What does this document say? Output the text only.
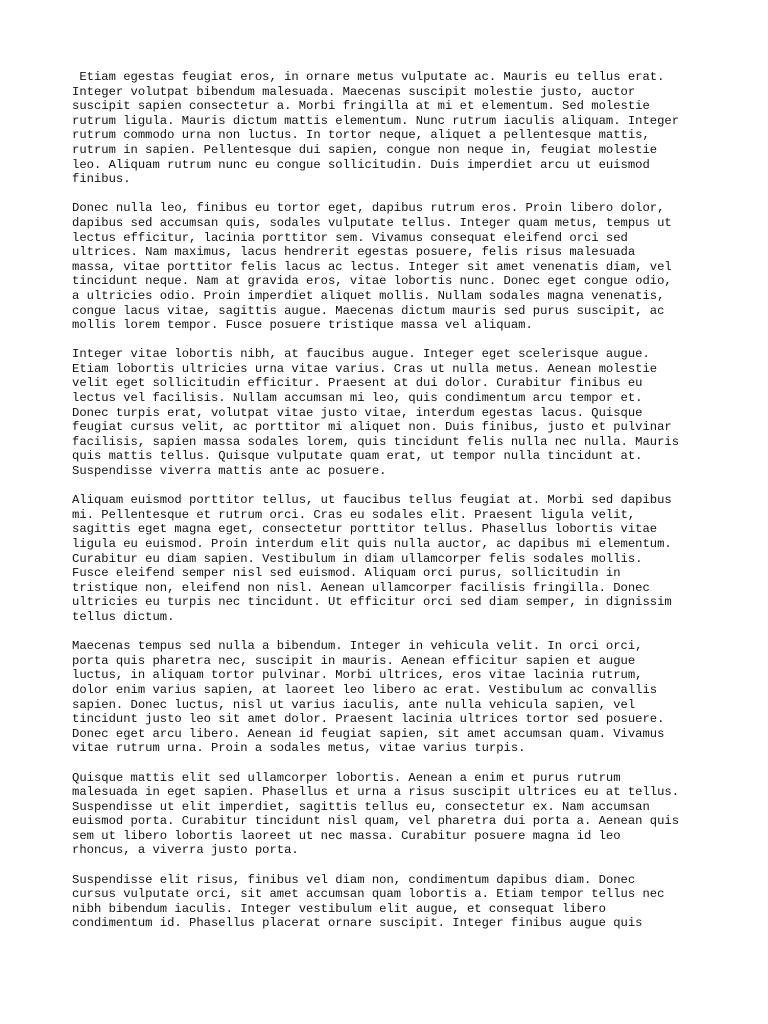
Etiam egestas feugiat eros, in ornare metus vulputate ac. Mauris eu tellus erat.
Integer volutpat bibendum malesuada. Maecenas suscipit molestie justo, auctor
suscipit sapien consectetur a. Morbi fringilla at mi et elementum. Sed molestie
rutrum ligula. Mauris dictum mattis elementum. Nunc rutrum iaculis aliquam. Integer
rutrum commodo urna non luctus. In tortor neque, aliquet a pellentesque mattis,
rutrum in sapien. Pellentesque dui sapien, congue non neque in, feugiat molestie
leo. Aliquam rutrum nunc eu congue sollicitudin. Duis imperdiet arcu ut euismod
finibus.

Donec nulla leo, finibus eu tortor eget, dapibus rutrum eros. Proin libero dolor,
dapibus sed accumsan quis, sodales vulputate tellus. Integer quam metus, tempus ut
lectus efficitur, lacinia porttitor sem. Vivamus consequat eleifend orci sed
ultrices. Nam maximus, lacus hendrerit egestas posuere, felis risus malesuada
massa, vitae porttitor felis lacus ac lectus. Integer sit amet venenatis diam, vel
tincidunt neque. Nam at gravida eros, vitae lobortis nunc. Donec eget congue odio,
a ultricies odio. Proin imperdiet aliquet mollis. Nullam sodales magna venenatis,
congue lacus vitae, sagittis augue. Maecenas dictum mauris sed purus suscipit, ac
mollis lorem tempor. Fusce posuere tristique massa vel aliquam.

Integer vitae lobortis nibh, at faucibus augue. Integer eget scelerisque augue.
Etiam lobortis ultricies urna vitae varius. Cras ut nulla metus. Aenean molestie
velit eget sollicitudin efficitur. Praesent at dui dolor. Curabitur finibus eu
lectus vel facilisis. Nullam accumsan mi leo, quis condimentum arcu tempor et.
Donec turpis erat, volutpat vitae justo vitae, interdum egestas lacus. Quisque
feugiat cursus velit, ac porttitor mi aliquet non. Duis finibus, justo et pulvinar
facilisis, sapien massa sodales lorem, quis tincidunt felis nulla nec nulla. Mauris
quis mattis tellus. Quisque vulputate quam erat, ut tempor nulla tincidunt at.
Suspendisse viverra mattis ante ac posuere.

Aliquam euismod porttitor tellus, ut faucibus tellus feugiat at. Morbi sed dapibus
mi. Pellentesque et rutrum orci. Cras eu sodales elit. Praesent ligula velit,
sagittis eget magna eget, consectetur porttitor tellus. Phasellus lobortis vitae
ligula eu euismod. Proin interdum elit quis nulla auctor, ac dapibus mi elementum.
Curabitur eu diam sapien. Vestibulum in diam ullamcorper felis sodales mollis.
Fusce eleifend semper nisl sed euismod. Aliquam orci purus, sollicitudin in
tristique non, eleifend non nisl. Aenean ullamcorper facilisis fringilla. Donec
ultricies eu turpis nec tincidunt. Ut efficitur orci sed diam semper, in dignissim
tellus dictum.

Maecenas tempus sed nulla a bibendum. Integer in vehicula velit. In orci orci,
porta quis pharetra nec, suscipit in mauris. Aenean efficitur sapien et augue
luctus, in aliquam tortor pulvinar. Morbi ultrices, eros vitae lacinia rutrum,
dolor enim varius sapien, at laoreet leo libero ac erat. Vestibulum ac convallis
sapien. Donec luctus, nisl ut varius iaculis, ante nulla vehicula sapien, vel
tincidunt justo leo sit amet dolor. Praesent lacinia ultrices tortor sed posuere.
Donec eget arcu libero. Aenean id feugiat sapien, sit amet accumsan quam. Vivamus
vitae rutrum urna. Proin a sodales metus, vitae varius turpis.

Quisque mattis elit sed ullamcorper lobortis. Aenean a enim et purus rutrum
malesuada in eget sapien. Phasellus et urna a risus suscipit ultrices eu at tellus.
Suspendisse ut elit imperdiet, sagittis tellus eu, consectetur ex. Nam accumsan
euismod porta. Curabitur tincidunt nisl quam, vel pharetra dui porta a. Aenean quis
sem ut libero lobortis laoreet ut nec massa. Curabitur posuere magna id leo
rhoncus, a viverra justo porta.

Suspendisse elit risus, finibus vel diam non, condimentum dapibus diam. Donec
cursus vulputate orci, sit amet accumsan quam lobortis a. Etiam tempor tellus nec
nibh bibendum iaculis. Integer vestibulum elit augue, et consequat libero
condimentum id. Phasellus placerat ornare suscipit. Integer finibus augue quis
